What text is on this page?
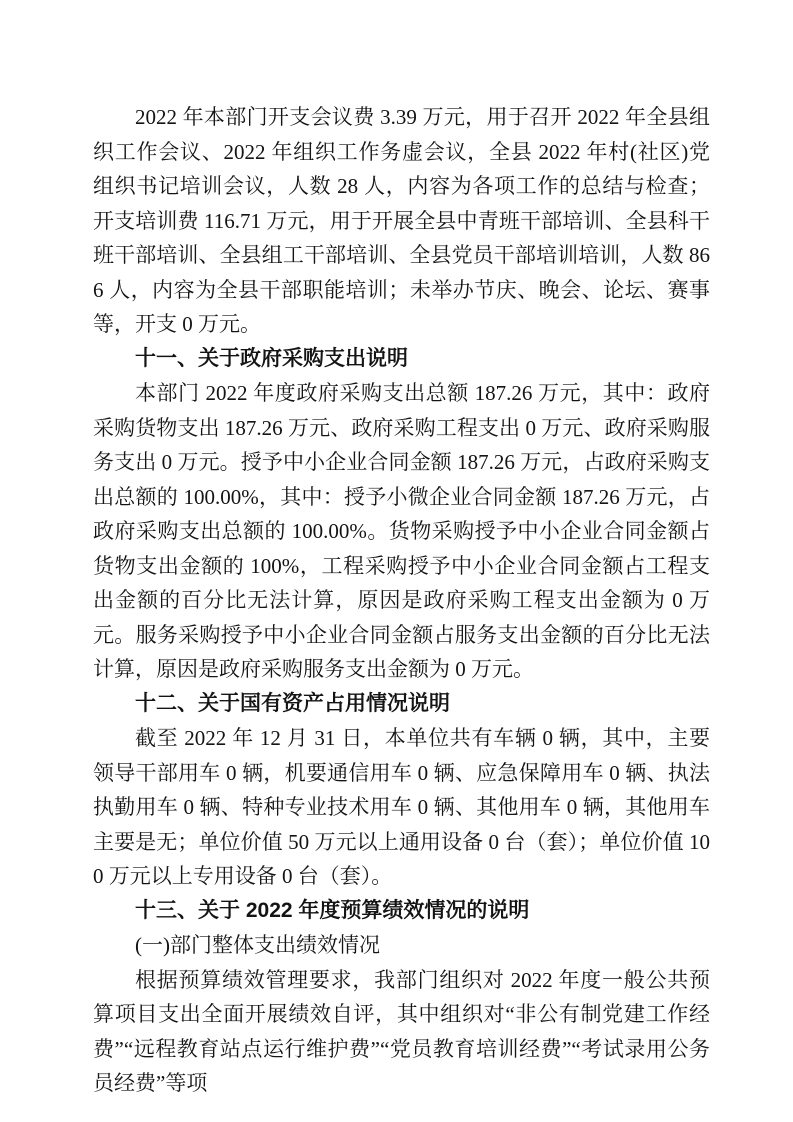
2022 年本部门开支会议费 3.39 万元，用于召开 2022 年全县组织工作会议、2022 年组织工作务虚会议，全县 2022 年村(社区)党组织书记培训会议，人数 28 人，内容为各项工作的总结与检查；开支培训费 116.71 万元，用于开展全县中青班干部培训、全县科干班干部培训、全县组工干部培训、全县党员干部培训培训，人数 866 人，内容为全县干部职能培训；未举办节庆、晚会、论坛、赛事等，开支 0 万元。

十一、关于政府采购支出说明

本部门 2022 年度政府采购支出总额 187.26 万元，其中：政府采购货物支出 187.26 万元、政府采购工程支出 0 万元、政府采购服务支出 0 万元。授予中小企业合同金额 187.26 万元，占政府采购支出总额的 100.00%，其中：授予小微企业合同金额 187.26 万元，占政府采购支出总额的 100.00%。货物采购授予中小企业合同金额占货物支出金额的 100%，工程采购授予中小企业合同金额占工程支出金额的百分比无法计算，原因是政府采购工程支出金额为 0 万元。服务采购授予中小企业合同金额占服务支出金额的百分比无法计算，原因是政府采购服务支出金额为 0 万元。

十二、关于国有资产占用情况说明

截至 2022 年 12 月 31 日，本单位共有车辆 0 辆，其中，主要领导干部用车 0 辆，机要通信用车 0 辆、应急保障用车 0 辆、执法执勤用车 0 辆、特种专业技术用车 0 辆、其他用车 0 辆，其他用车主要是无；单位价值 50 万元以上通用设备 0 台（套）；单位价值 100 万元以上专用设备 0 台（套）。

十三、关于 2022 年度预算绩效情况的说明

(一)部门整体支出绩效情况

根据预算绩效管理要求，我部门组织对 2022 年度一般公共预算项目支出全面开展绩效自评，其中组织对“非公有制党建工作经费”“远程教育站点运行维护费”“党员教育培训经费”“考试录用公务员经费”等项
